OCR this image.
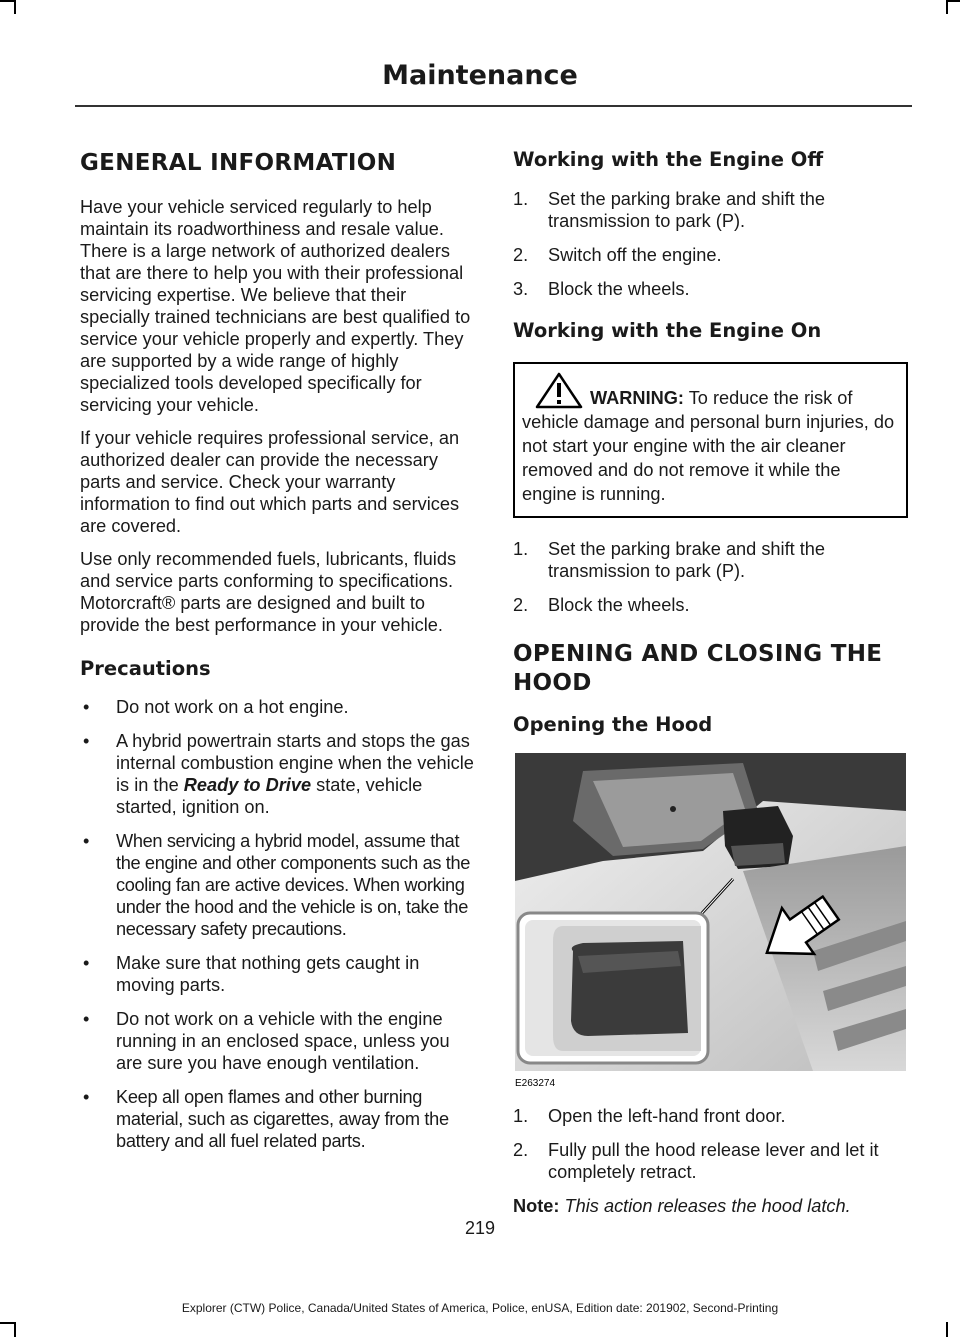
Maintenance
GENERAL INFORMATION

Have your vehicle serviced regularly to help maintain its roadworthiness and resale value. There is a large network of authorized dealers that are there to help you with their professional servicing expertise. We believe that their specially trained technicians are best qualified to service your vehicle properly and expertly. They are supported by a wide range of highly specialized tools developed specifically for servicing your vehicle.

If your vehicle requires professional service, an authorized dealer can provide the necessary parts and service. Check your warranty information to find out which parts and services are covered.

Use only recommended fuels, lubricants, fluids and service parts conforming to specifications. Motorcraft® parts are designed and built to provide the best performance in your vehicle.

Precautions
• Do not work on a hot engine.
• A hybrid powertrain starts and stops the gas internal combustion engine when the vehicle is in the Ready to Drive state, vehicle started, ignition on.
• When servicing a hybrid model, assume that the engine and other components such as the cooling fan are active devices. When working under the hood and the vehicle is on, take the necessary safety precautions.
• Make sure that nothing gets caught in moving parts.
• Do not work on a vehicle with the engine running in an enclosed space, unless you are sure you have enough ventilation.
• Keep all open flames and other burning material, such as cigarettes, away from the battery and all fuel related parts.
Working with the Engine Off
1. Set the parking brake and shift the transmission to park (P).
2. Switch off the engine.
3. Block the wheels.
Working with the Engine On
WARNING: To reduce the risk of vehicle damage and personal burn injuries, do not start your engine with the air cleaner removed and do not remove it while the engine is running.
1. Set the parking brake and shift the transmission to park (P).
2. Block the wheels.
OPENING AND CLOSING THE
HOOD
Opening the Hood
E263274
1. Open the left-hand front door.
2. Fully pull the hood release lever and let it completely retract.

Note: This action releases the hood latch.

219
Explorer (CTW) Police, Canada/United States of America, Police, enUSA, Edition date: 201902, Second-Printing
